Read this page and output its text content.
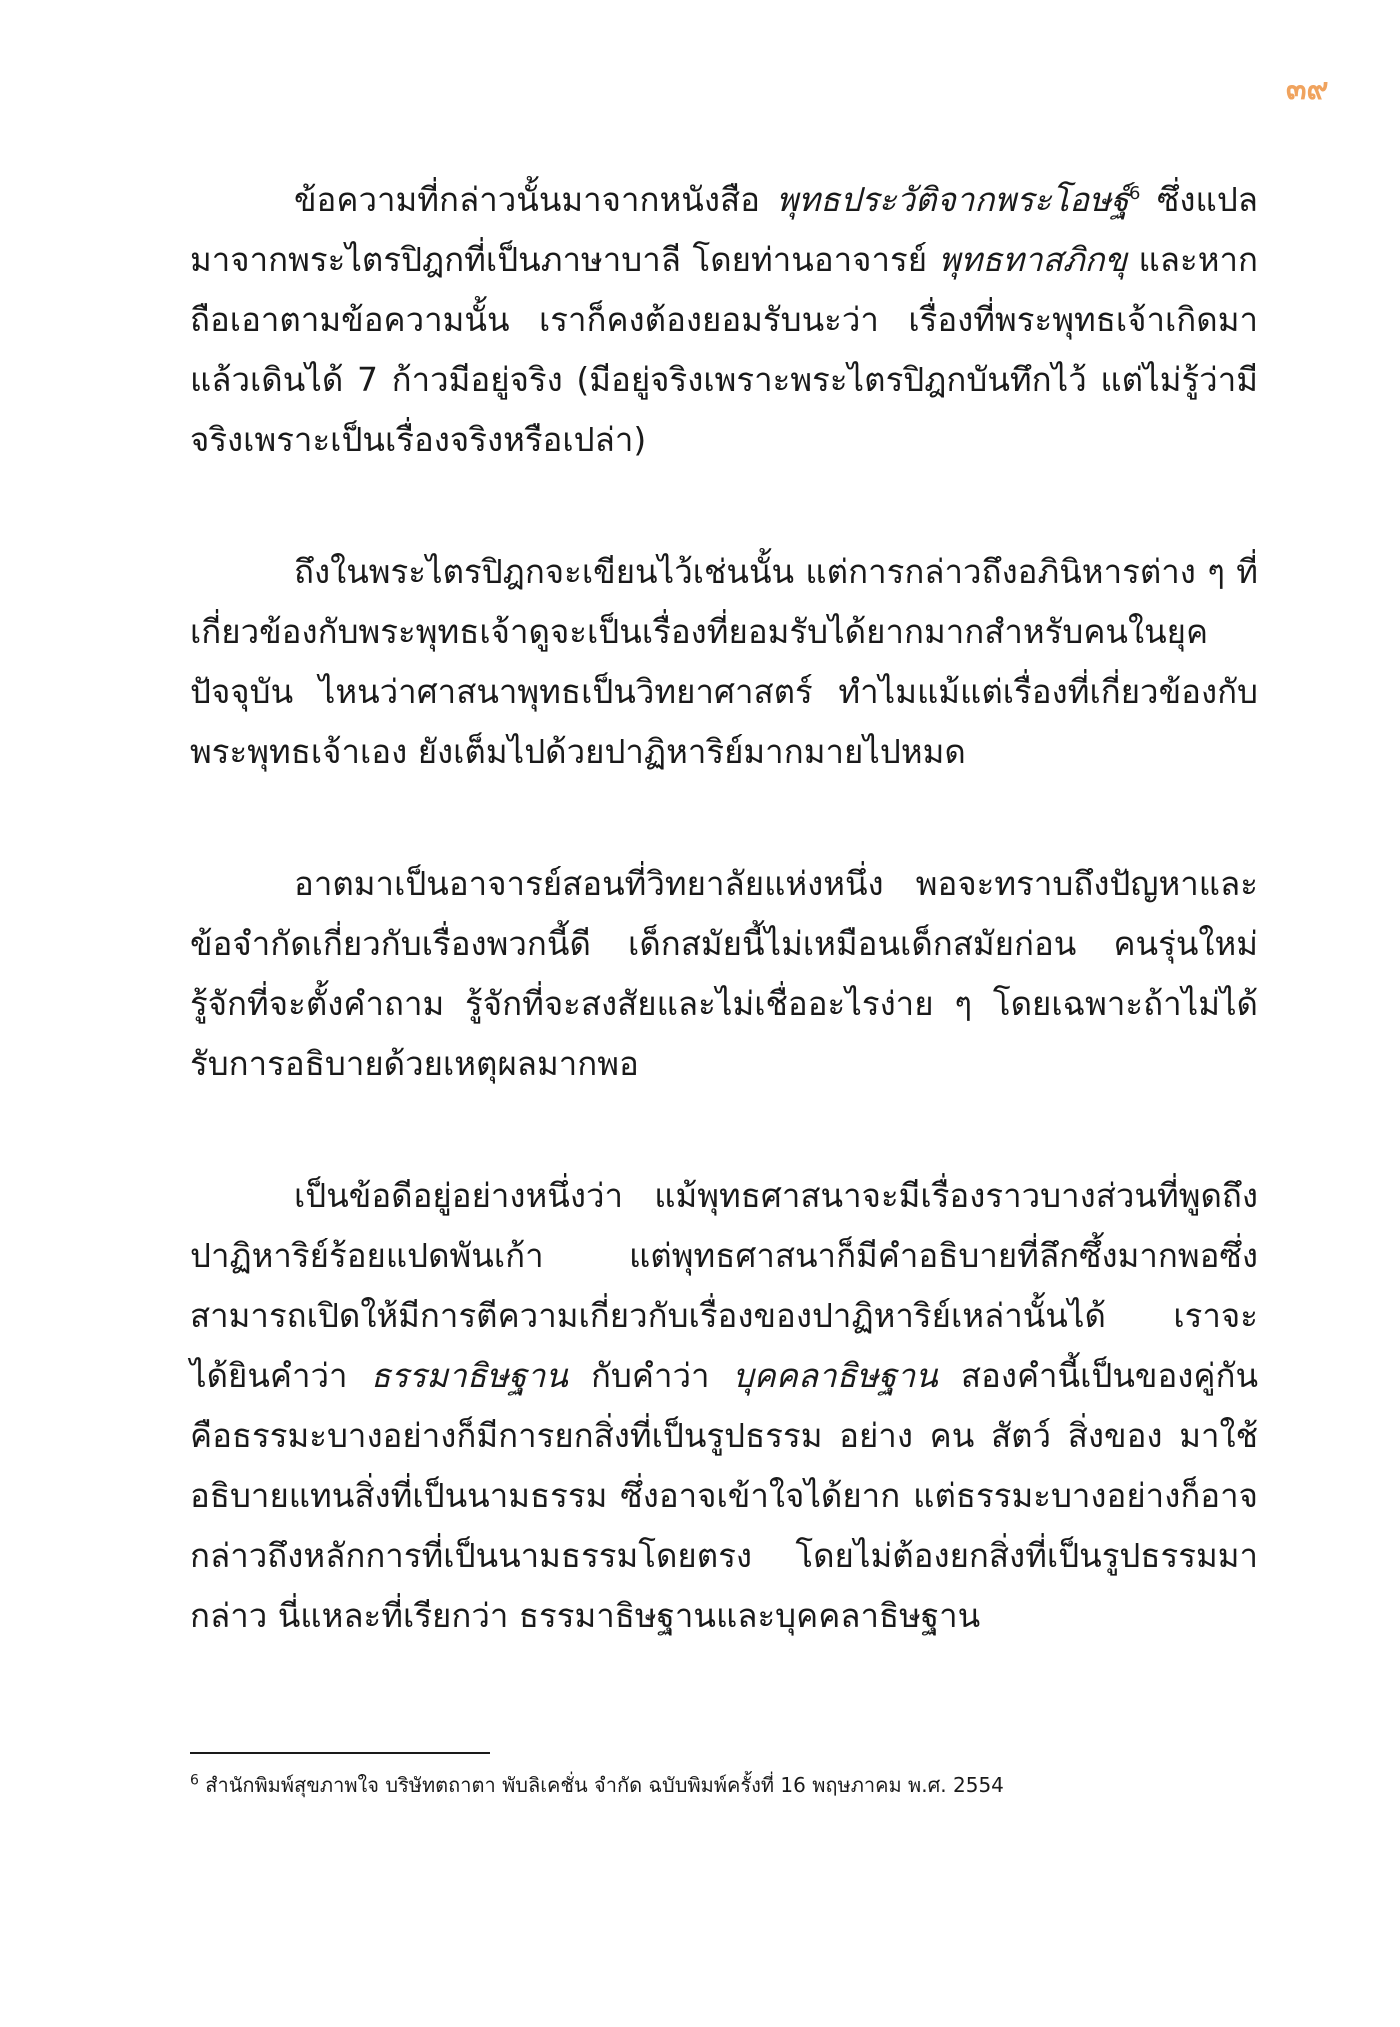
๓๙

ข้อความที่กล่าวนั้นมาจากหนังสือ พุทธประวัติจากพระโอษฐ์$^6$ ซึ่งแปลมาจากพระไตรปิฎกที่เป็นภาษาบาลี โดยท่านอาจารย์ พุทธทาสภิกขุ และหากถือเอาตามข้อความนั้น เราก็คงต้องยอมรับนะว่า เรื่องที่พระพุทธเจ้าเกิดมาแล้วเดินได้ 7 ก้าวมีอยู่จริง (มีอยู่จริงเพราะพระไตรปิฎกบันทึกไว้ แต่ไม่รู้ว่ามีจริงเพราะเป็นเรื่องจริงหรือเปล่า)

ถึงในพระไตรปิฎกจะเขียนไว้เช่นนั้น แต่การกล่าวถึงอภินิหารต่าง ๆ ที่เกี่ยวข้องกับพระพุทธเจ้าดูจะเป็นเรื่องที่ยอมรับได้ยากมากสำหรับคนในยุคปัจจุบัน ไหนว่าศาสนาพุทธเป็นวิทยาศาสตร์ ทำไมแม้แต่เรื่องที่เกี่ยวข้องกับพระพุทธเจ้าเอง ยังเต็มไปด้วยปาฏิหาริย์มากมายไปหมด

อาตมาเป็นอาจารย์สอนที่วิทยาลัยแห่งหนึ่ง พอจะทราบถึงปัญหาและข้อจำกัดเกี่ยวกับเรื่องพวกนี้ดี เด็กสมัยนี้ไม่เหมือนเด็กสมัยก่อน คนรุ่นใหม่รู้จักที่จะตั้งคำถาม รู้จักที่จะสงสัยและไม่เชื่ออะไรง่าย ๆ โดยเฉพาะถ้าไม่ได้รับการอธิบายด้วยเหตุผลมากพอ

เป็นข้อดีอยู่อย่างหนึ่งว่า แม้พุทธศาสนาจะมีเรื่องราวบางส่วนที่พูดถึงปาฏิหาริย์ร้อยแปดพันเก้า แต่พุทธศาสนาก็มีคำอธิบายที่ลึกซึ้งมากพอซึ่งสามารถเปิดให้มีการตีความเกี่ยวกับเรื่องของปาฏิหาริย์เหล่านั้นได้ เราจะได้ยินคำว่า ธรรมาธิษฐาน กับคำว่า บุคคลาธิษฐาน สองคำนี้เป็นของคู่กัน คือธรรมะบางอย่างก็มีการยกสิ่งที่เป็นรูปธรรม อย่าง คน สัตว์ สิ่งของ มาใช้อธิบายแทนสิ่งที่เป็นนามธรรม ซึ่งอาจเข้าใจได้ยาก แต่ธรรมะบางอย่างก็อาจกล่าวถึงหลักการที่เป็นนามธรรมโดยตรง โดยไม่ต้องยกสิ่งที่เป็นรูปธรรมมากล่าว นี่แหละที่เรียกว่า ธรรมาธิษฐานและบุคคลาธิษฐาน

$^6$ สำนักพิมพ์สุขภาพใจ บริษัทตถาตา พับลิเคชั่น จำกัด ฉบับพิมพ์ครั้งที่ 16 พฤษภาคม พ.ศ. 2554
